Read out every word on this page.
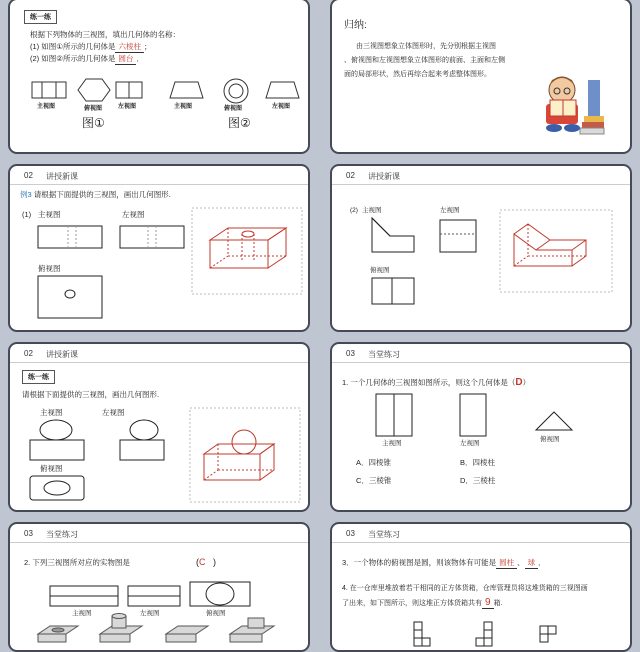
练一练
根据下列物体的三视图，填出几何体的名称：
(1) 如图①所示的几何体是 六棱柱 ；
(2) 如图②所示的几何体是 圆台 ．
主视图	俯视图	左视图	主视图	俯视图	左视图
图①	图②
归纳:
由三视图想象立体图形时，先分别根据主视图
、俯视图和左视图想象立体图形的前面、主面和左侧
面的局部形状，然后再综合起来考虑整体图形。
02 讲授新课
例3 请根据下面提供的三视图，画出几何图形.
(1) 主视图	左视图
俯视图
02 讲授新课
(2) 主视图	左视图
俯视图
02 讲授新课
练一练
请根据下面提供的三视图，画出几何图形.
主视图	左视图
俯视图
03 当堂练习
1. 一个几何体的三视图如图所示，则这个几何体是（D）
主视图	左视图	俯视图
A．四棱锥	B．四棱柱
C．三棱锥	D．三棱柱
03 当堂练习
2. 下列三视图所对应的实物图是	(C )
主视图	左视图	俯视图
03 当堂练习
3．一个物体的俯视图是圆，则该物体有可能是 圆柱 、 球 ．
4. 在一仓库里堆放着若干相同的正方体货箱，仓库管理员将这堆货箱的三视图画
了出来，如下图所示，则这堆正方体货箱共有 9 箱.
